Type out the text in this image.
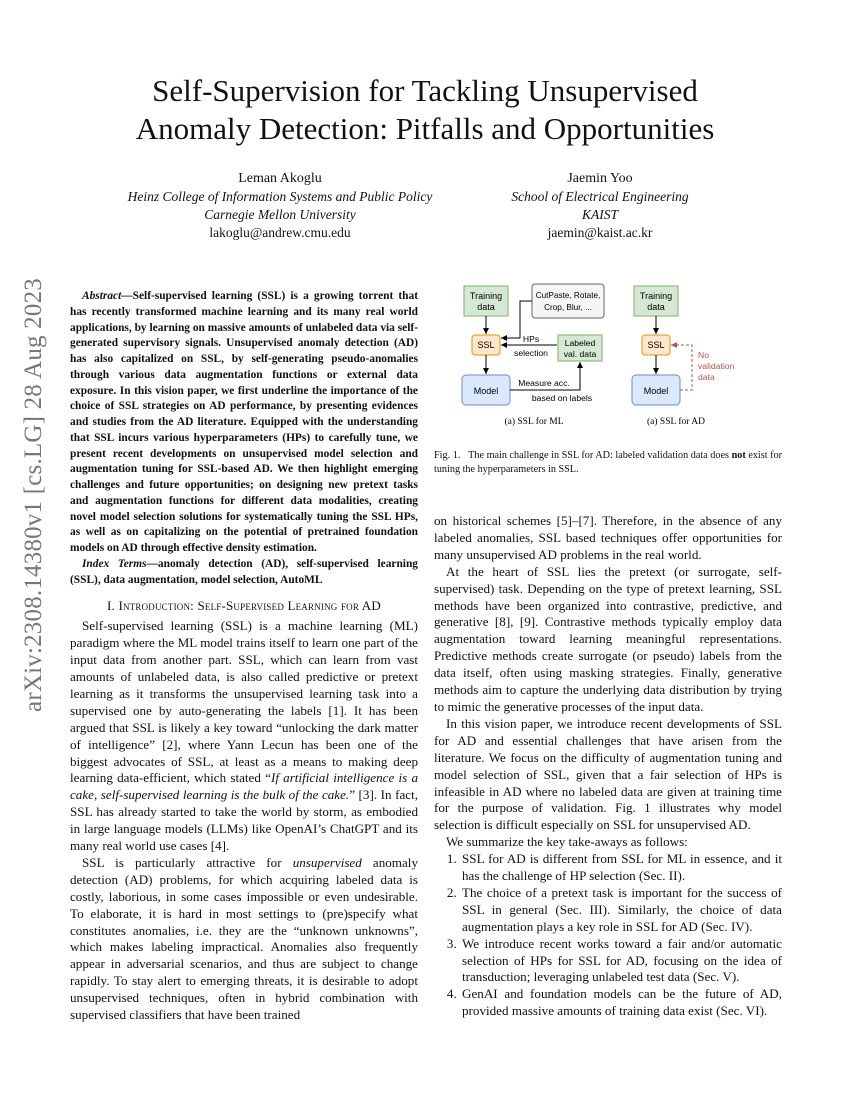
Self-Supervision for Tackling Unsupervised
Anomaly Detection: Pitfalls and Opportunities
Leman Akoglu
Heinz College of Information Systems and Public Policy
Carnegie Mellon University
lakoglu@andrew.cmu.edu
Jaemin Yoo
School of Electrical Engineering
KAIST
jaemin@kaist.ac.kr
arXiv:2308.14380v1 [cs.LG] 28 Aug 2023	Abstract—Self-supervised learning (SSL) is a growing torrent that has recently transformed machine learning and its many real world applications, by learning on massive amounts of unlabeled data via self-generated supervisory signals. Unsupervised anomaly detection (AD) has also capitalized on SSL, by self-generating pseudo-anomalies through various data augmentation functions or external data exposure. In this vision paper, we first underline the importance of the choice of SSL strategies on AD performance, by presenting evidences and studies from the AD literature. Equipped with the understanding that SSL incurs various hyperparameters (HPs) to carefully tune, we present recent developments on unsupervised model selection and augmentation tuning for SSL-based AD. We then highlight emerging challenges and future opportunities; on designing new pretext tasks and augmentation functions for different data modalities, creating novel model selection solutions for systematically tuning the SSL HPs, as well as on capitalizing on the potential of pretrained foundation models on AD through effective density estimation.

Index Terms—anomaly detection (AD), self-supervised learning (SSL), data augmentation, model selection, AutoML

I. Introduction: Self-Supervised Learning for AD

Self-supervised learning (SSL) is a machine learning (ML) paradigm where the ML model trains itself to learn one part of the input data from another part. SSL, which can learn from vast amounts of unlabeled data, is also called predictive or pretext learning as it transforms the unsupervised learning task into a supervised one by auto-generating the labels [1]. It has been argued that SSL is likely a key toward “unlocking the dark matter of intelligence” [2], where Yann Lecun has been one of the biggest advocates of SSL, at least as a means to making deep learning data-efficient, which stated “If artificial intelligence is a cake, self-supervised learning is the bulk of the cake.” [3]. In fact, SSL has already started to take the world by storm, as embodied in large language models (LLMs) like OpenAI’s ChatGPT and its many real world use cases [4].

SSL is particularly attractive for unsupervised anomaly detection (AD) problems, for which acquiring labeled data is costly, laborious, in some cases impossible or even undesirable. To elaborate, it is hard in most settings to (pre)specify what constitutes anomalies, i.e. they are the “unknown unknowns”, which makes labeling impractical. Anomalies also frequently appear in adversarial scenarios, and thus are subject to change rapidly. To stay alert to emerging threats, it is desirable to adopt unsupervised techniques, often in hybrid combination with supervised classifiers that have been trained

Training
data
CutPaste, Rotate,
Crop, Blur, ...
SSL	Labeled
val. data
Model
HPs
selection
Measure acc.
based on labels
(a) SSL for ML
Training
data
SSL
Model
No
validation
data
(a) SSL for AD
Fig. 1. The main challenge in SSL for AD: labeled validation data does not exist for tuning the hyperparameters in SSL.

on historical schemes [5]–[7]. Therefore, in the absence of any labeled anomalies, SSL based techniques offer opportunities for many unsupervised AD problems in the real world.

At the heart of SSL lies the pretext (or surrogate, self-supervised) task. Depending on the type of pretext learning, SSL methods have been organized into contrastive, predictive, and generative [8], [9]. Contrastive methods typically employ data augmentation toward learning meaningful representations. Predictive methods create surrogate (or pseudo) labels from the data itself, often using masking strategies. Finally, generative methods aim to capture the underlying data distribution by trying to mimic the generative processes of the input data.

In this vision paper, we introduce recent developments of SSL for AD and essential challenges that have arisen from the literature. We focus on the difficulty of augmentation tuning and model selection of SSL, given that a fair selection of HPs is infeasible in AD where no labeled data are given at training time for the purpose of validation. Fig. 1 illustrates why model selection is difficult especially on SSL for unsupervised AD.

We summarize the key take-aways as follows:

1. SSL for AD is different from SSL for ML in essence, and it has the challenge of HP selection (Sec. II).
2. The choice of a pretext task is important for the success of SSL in general (Sec. III). Similarly, the choice of data augmentation plays a key role in SSL for AD (Sec. IV).
3. We introduce recent works toward a fair and/or automatic selection of HPs for SSL for AD, focusing on the idea of transduction; leveraging unlabeled test data (Sec. V).
4. GenAI and foundation models can be the future of AD, provided massive amounts of training data exist (Sec. VI).
